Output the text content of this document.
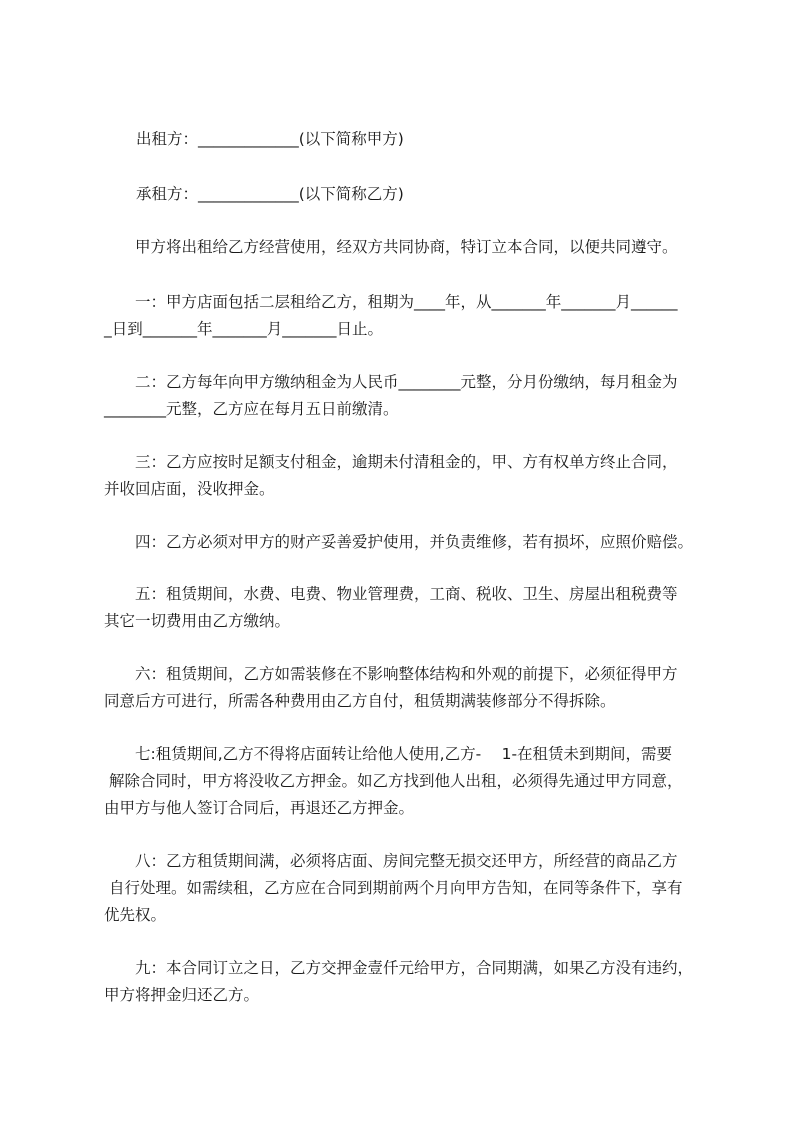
出租方：_____________(以下简称甲方)

承租方：_____________(以下简称乙方)

　　甲方将出租给乙方经营使用，经双方共同协商，特订立本合同，以便共同遵守。

　　一：甲方店面包括二层租给乙方，租期为____年，从_______年_______月______
_日到_______年_______月_______日止。

　　二：乙方每年向甲方缴纳租金为人民币________元整，分月份缴纳，每月租金为
________元整，乙方应在每月五日前缴清。

　　三：乙方应按时足额支付租金，逾期未付清租金的，甲、方有权单方终止合同，
并收回店面，没收押金。

　　四：乙方必须对甲方的财产妥善爱护使用，并负责维修，若有损坏，应照价赔偿。

　　五：租赁期间，水费、电费、物业管理费，工商、税收、卫生、房屋出租税费等
其它一切费用由乙方缴纳。

　　六：租赁期间，乙方如需装修在不影响整体结构和外观的前提下，必须征得甲方
同意后方可进行，所需各种费用由乙方自付，租赁期满装修部分不得拆除。

　　七:租赁期间,乙方不得将店面转让给他人使用,乙方-　 1-在租赁未到期间，需要
解除合同时，甲方将没收乙方押金。如乙方找到他人出租，必须得先通过甲方同意，
由甲方与他人签订合同后，再退还乙方押金。

　　八：乙方租赁期间满，必须将店面、房间完整无损交还甲方，所经营的商品乙方
自行处理。如需续租，乙方应在合同到期前两个月向甲方告知，在同等条件下，享有
优先权。

　　九：本合同订立之日，乙方交押金壹仟元给甲方，合同期满，如果乙方没有违约，
甲方将押金归还乙方。
